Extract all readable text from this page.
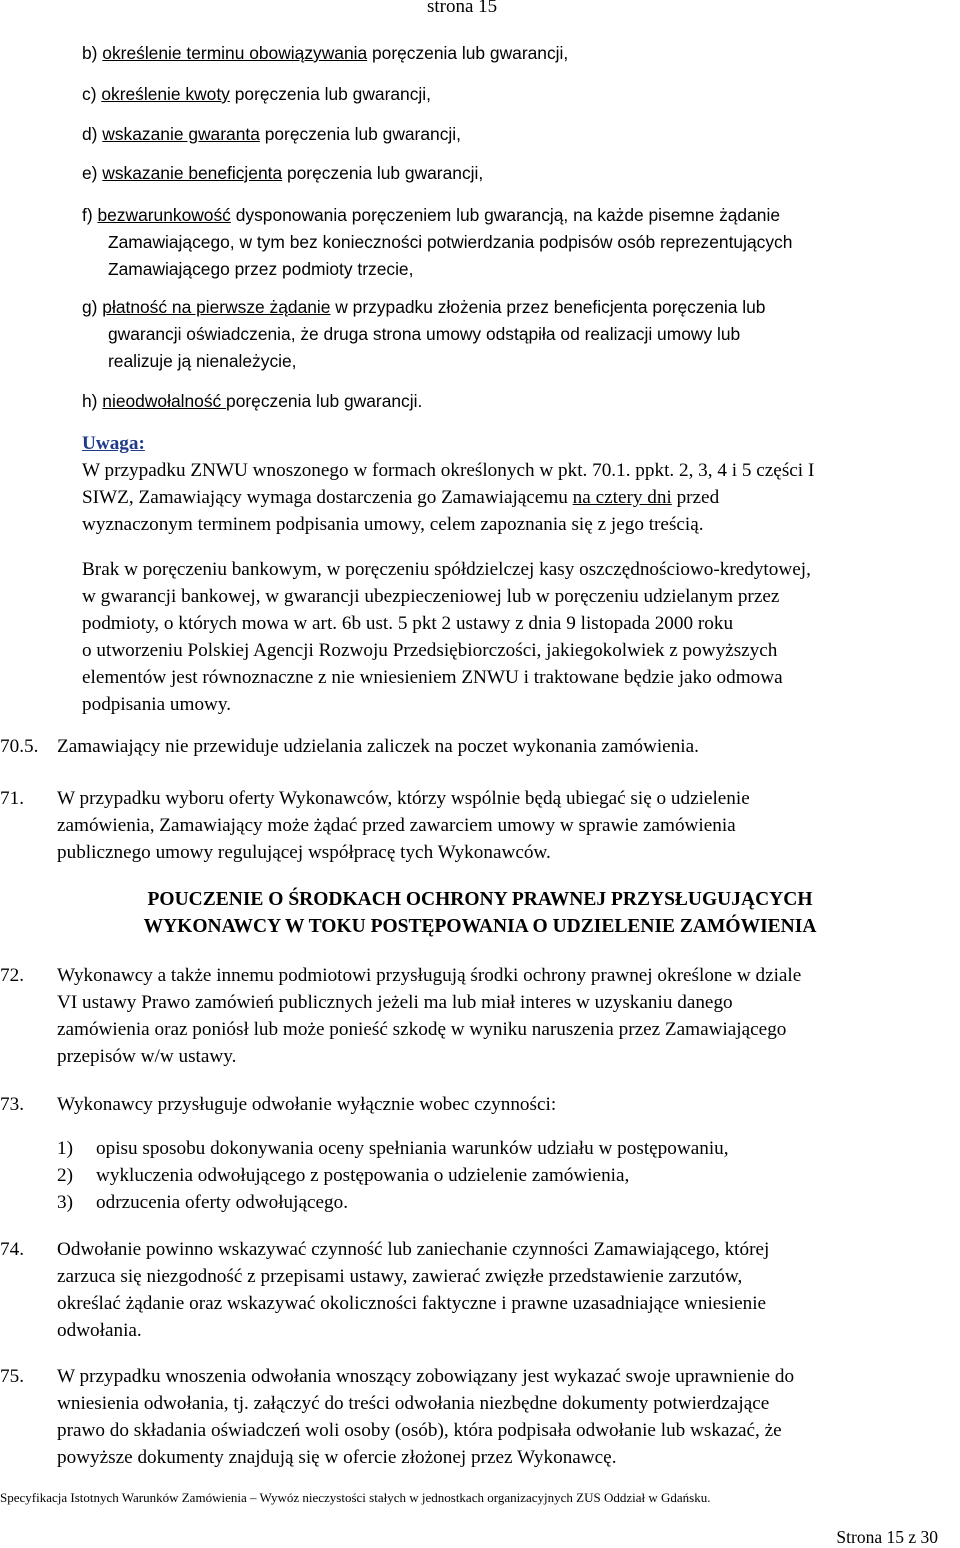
strona 15
b) określenie terminu obowiązywania poręczenia lub gwarancji,
c) określenie kwoty poręczenia lub gwarancji,
d) wskazanie gwaranta poręczenia lub gwarancji,
e) wskazanie beneficjenta poręczenia lub gwarancji,
f) bezwarunkowość dysponowania poręczeniem lub gwarancją, na każde pisemne żądanie
Zamawiającego, w tym bez konieczności potwierdzania podpisów osób reprezentujących
Zamawiającego przez podmioty trzecie,
g) płatność na pierwsze żądanie w przypadku złożenia przez beneficjenta poręczenia lub
gwarancji oświadczenia, że druga strona umowy odstąpiła od realizacji umowy lub
realizuje ją nienależycie,
h) nieodwołalność poręczenia lub gwarancji.
Uwaga:
W przypadku ZNWU wnoszonego w formach określonych w pkt. 70.1. ppkt. 2, 3, 4 i 5 części I
SIWZ, Zamawiający wymaga dostarczenia go Zamawiającemu na cztery dni przed
wyznaczonym terminem podpisania umowy, celem zapoznania się z jego treścią.
Brak w poręczeniu bankowym, w poręczeniu spółdzielczej kasy oszczędnościowo-kredytowej,
w gwarancji bankowej, w gwarancji ubezpieczeniowej lub w poręczeniu udzielanym przez
podmioty, o których mowa w art. 6b ust. 5 pkt 2 ustawy z dnia 9 listopada 2000 roku
o utworzeniu Polskiej Agencji Rozwoju Przedsiębiorczości, jakiegokolwiek z powyższych
elementów jest równoznaczne z nie wniesieniem ZNWU i traktowane będzie jako odmowa
podpisania umowy.
70.5. Zamawiający nie przewiduje udzielania zaliczek na poczet wykonania zamówienia.
71. W przypadku wyboru oferty Wykonawców, którzy wspólnie będą ubiegać się o udzielenie
zamówienia, Zamawiający może żądać przed zawarciem umowy w sprawie zamówienia
publicznego umowy regulującej współpracę tych Wykonawców.
POUCZENIE O ŚRODKACH OCHRONY PRAWNEJ PRZYSŁUGUJĄCYCH
WYKONAWCY W TOKU POSTĘPOWANIA O UDZIELENIE ZAMÓWIENIA
72. Wykonawcy a także innemu podmiotowi przysługują środki ochrony prawnej określone w dziale
VI ustawy Prawo zamówień publicznych jeżeli ma lub miał interes w uzyskaniu danego
zamówienia oraz poniósł lub może ponieść szkodę w wyniku naruszenia przez Zamawiającego
przepisów w/w ustawy.
73. Wykonawcy przysługuje odwołanie wyłącznie wobec czynności:
1) opisu sposobu dokonywania oceny spełniania warunków udziału w postępowaniu,
2) wykluczenia odwołującego z postępowania o udzielenie zamówienia,
3) odrzucenia oferty odwołującego.
74. Odwołanie powinno wskazywać czynność lub zaniechanie czynności Zamawiającego, której
zarzuca się niezgodność z przepisami ustawy, zawierać zwięzłe przedstawienie zarzutów,
określać żądanie oraz wskazywać okoliczności faktyczne i prawne uzasadniające wniesienie
odwołania.
75. W przypadku wnoszenia odwołania wnoszący zobowiązany jest wykazać swoje uprawnienie do
wniesienia odwołania, tj. załączyć do treści odwołania niezbędne dokumenty potwierdzające
prawo do składania oświadczeń woli osoby (osób), która podpisała odwołanie lub wskazać, że
powyższe dokumenty znajdują się w ofercie złożonej przez Wykonawcę.
Specyfikacja Istotnych Warunków Zamówienia – Wywóz nieczystości stałych w jednostkach organizacyjnych ZUS Oddział w Gdańsku.
Strona 15 z 30
